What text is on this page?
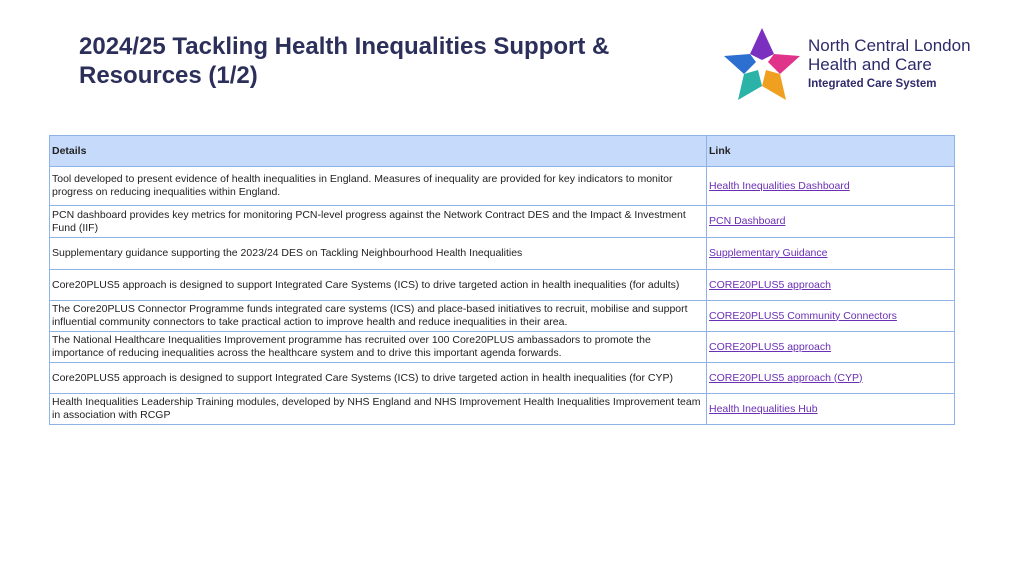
2024/25 Tackling Health Inequalities Support & Resources (1/2)
North Central London
Health and Care
Integrated Care System
Details	Link
Tool developed to present evidence of health inequalities in England. Measures of inequality are provided for key indicators to monitor progress on reducing inequalities within England.	Health Inequalities Dashboard
PCN dashboard provides key metrics for monitoring PCN-level progress against the Network Contract DES and the Impact & Investment Fund (IIF)	PCN Dashboard
Supplementary guidance supporting the 2023/24 DES on Tackling Neighbourhood Health Inequalities	Supplementary Guidance
Core20PLUS5 approach is designed to support Integrated Care Systems (ICS) to drive targeted action in health inequalities (for adults)	CORE20PLUS5 approach
The Core20PLUS Connector Programme funds integrated care systems (ICS) and place-based initiatives to recruit, mobilise and support influential community connectors to take practical action to improve health and reduce inequalities in their area.	CORE20PLUS5 Community Connectors
The National Healthcare Inequalities Improvement programme has recruited over 100 Core20PLUS ambassadors to promote the importance of reducing inequalities across the healthcare system and to drive this important agenda forwards.	CORE20PLUS5 approach
Core20PLUS5 approach is designed to support Integrated Care Systems (ICS) to drive targeted action in health inequalities (for CYP)	CORE20PLUS5 approach (CYP)
Health Inequalities Leadership Training modules, developed by NHS England and NHS Improvement Health Inequalities Improvement team in association with RCGP	Health Inequalities Hub
